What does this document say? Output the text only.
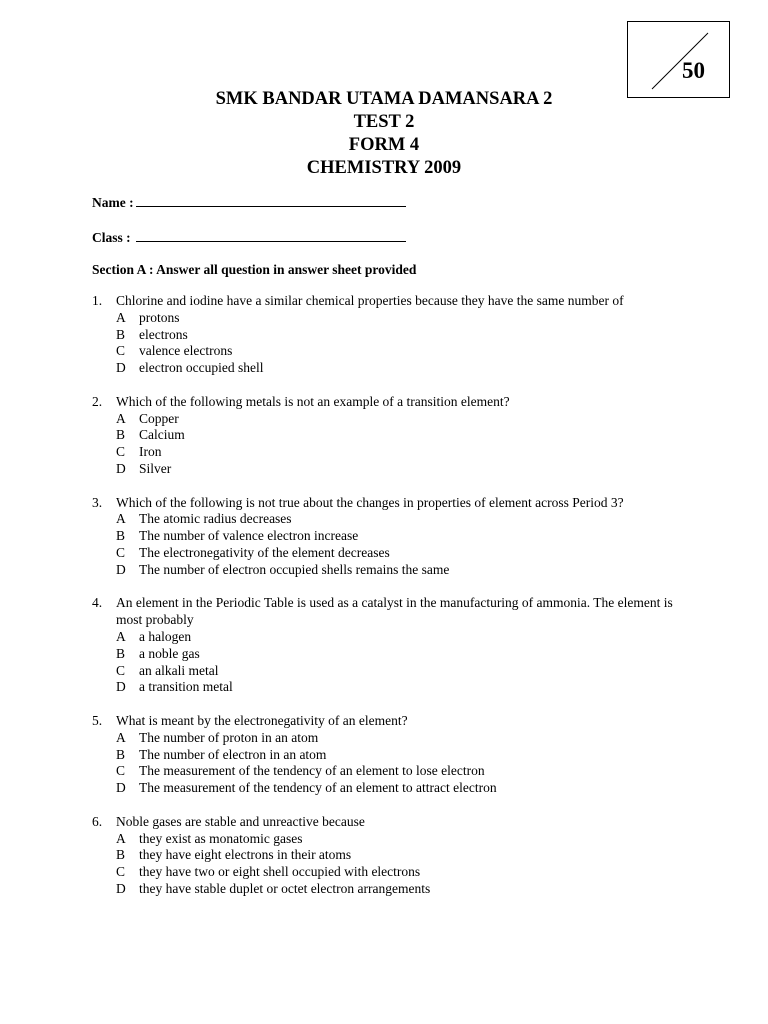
50
SMK BANDAR UTAMA DAMANSARA 2
TEST 2
FORM 4
CHEMISTRY 2009
Name :
Class :
Section A : Answer all question in answer sheet provided
1.	Chlorine and iodine have a similar chemical properties because they have the same number of
A protons
B	electrons
C	valence electrons
D electron occupied shell
2.	Which of the following metals is not an example of a transition element?
A Copper
B	Calcium
C	Iron
D Silver
3.	Which of the following is not true about the changes in properties of element across Period 3?
A The atomic radius decreases
B	The number of valence electron increase
C	The electronegativity of the element decreases
D The number of electron occupied shells remains the same
4.	An element in the Periodic Table is used as a catalyst in the manufacturing of ammonia. The element is most probably
A a halogen
B	a noble gas
C	an alkali metal
D a transition metal
5.	What is meant by the electronegativity of an element?
A The number of proton in an atom
B	The number of electron in an atom
C	The measurement of the tendency of an element to lose electron
D The measurement of the tendency of an element to attract electron
6.	Noble gases are stable and unreactive because
A they exist as monatomic gases
B	they have eight electrons in their atoms
C	they have two or eight shell occupied with electrons
D they have stable duplet or octet electron arrangements
